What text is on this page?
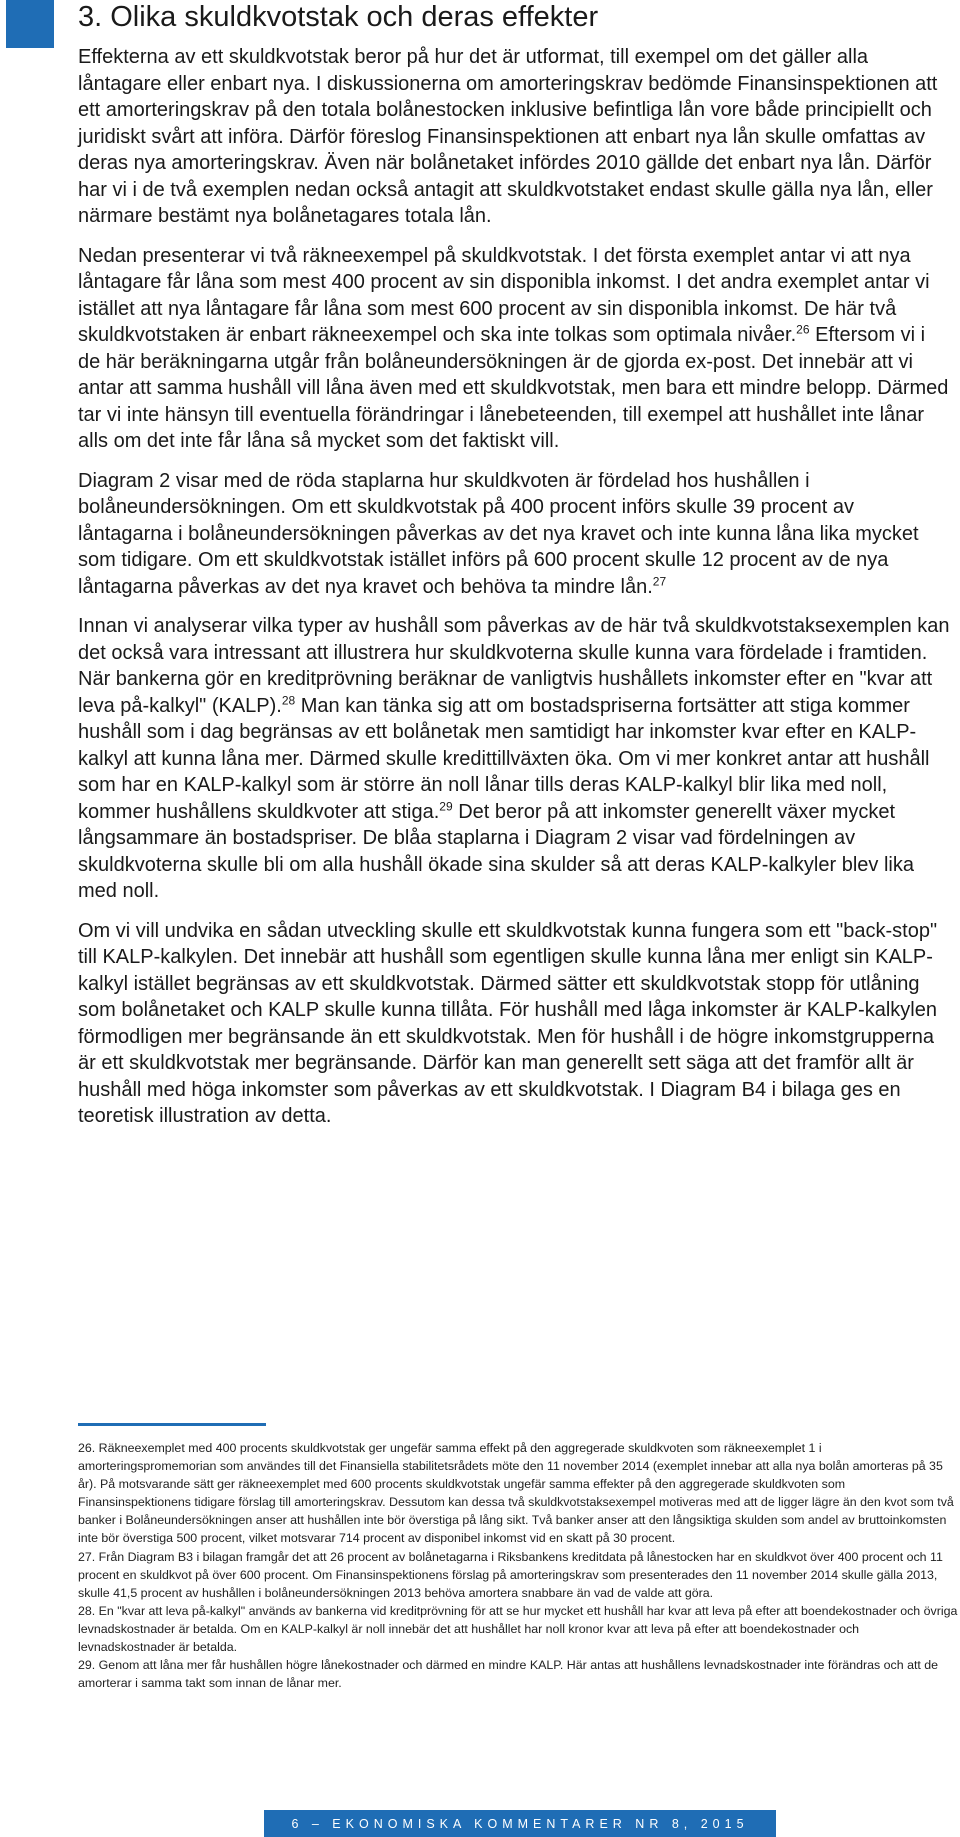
3. Olika skuldkvotstak och deras effekter

Effekterna av ett skuldkvotstak beror på hur det är utformat, till exempel om det gäller alla låntagare eller enbart nya. I diskussionerna om amorteringskrav bedömde Finansinspektionen att ett amorteringskrav på den totala bolånestocken inklusive befintliga lån vore både principiellt och juridiskt svårt att införa. Därför föreslog Finansinspektionen att enbart nya lån skulle omfattas av deras nya amorteringskrav. Även när bolånetaket infördes 2010 gällde det enbart nya lån. Därför har vi i de två exemplen nedan också antagit att skuldkvotstaket endast skulle gälla nya lån, eller närmare bestämt nya bolånetagares totala lån.

Nedan presenterar vi två räkneexempel på skuldkvotstak. I det första exemplet antar vi att nya låntagare får låna som mest 400 procent av sin disponibla inkomst. I det andra exemplet antar vi istället att nya låntagare får låna som mest 600 procent av sin disponibla inkomst. De här två skuldkvotstaken är enbart räkneexempel och ska inte tolkas som optimala nivåer.$^{26}$ Eftersom vi i de här beräkningarna utgår från bolåneundersökningen är de gjorda ex-post. Det innebär att vi antar att samma hushåll vill låna även med ett skuldkvotstak, men bara ett mindre belopp. Därmed tar vi inte hänsyn till eventuella förändringar i lånebeteenden, till exempel att hushållet inte lånar alls om det inte får låna så mycket som det faktiskt vill.

Diagram 2 visar med de röda staplarna hur skuldkvoten är fördelad hos hushållen i bolåneundersökningen. Om ett skuldkvotstak på 400 procent införs skulle 39 procent av låntagarna i bolåneundersökningen påverkas av det nya kravet och inte kunna låna lika mycket som tidigare. Om ett skuldkvotstak istället införs på 600 procent skulle 12 procent av de nya låntagarna påverkas av det nya kravet och behöva ta mindre lån.$^{27}$

Innan vi analyserar vilka typer av hushåll som påverkas av de här två skuldkvotstaksexemplen kan det också vara intressant att illustrera hur skuldkvoterna skulle kunna vara fördelade i framtiden. När bankerna gör en kreditprövning beräknar de vanligtvis hushållets inkomster efter en "kvar att leva på-kalkyl" (KALP).$^{28}$ Man kan tänka sig att om bostadspriserna fortsätter att stiga kommer hushåll som i dag begränsas av ett bolånetak men samtidigt har inkomster kvar efter en KALP-kalkyl att kunna låna mer. Därmed skulle kredittillväxten öka. Om vi mer konkret antar att hushåll som har en KALP-kalkyl som är större än noll lånar tills deras KALP-kalkyl blir lika med noll, kommer hushållens skuldkvoter att stiga.$^{29}$ Det beror på att inkomster generellt växer mycket långsammare än bostadspriser. De blåa staplarna i Diagram 2 visar vad fördelningen av skuldkvoterna skulle bli om alla hushåll ökade sina skulder så att deras KALP-kalkyler blev lika med noll.

Om vi vill undvika en sådan utveckling skulle ett skuldkvotstak kunna fungera som ett "back-stop" till KALP-kalkylen. Det innebär att hushåll som egentligen skulle kunna låna mer enligt sin KALP-kalkyl istället begränsas av ett skuldkvotstak. Därmed sätter ett skuldkvotstak stopp för utlåning som bolånetaket och KALP skulle kunna tillåta. För hushåll med låga inkomster är KALP-kalkylen förmodligen mer begränsande än ett skuldkvotstak. Men för hushåll i de högre inkomstgrupperna är ett skuldkvotstak mer begränsande. Därför kan man generellt sett säga att det framför allt är hushåll med höga inkomster som påverkas av ett skuldkvotstak. I Diagram B4 i bilaga ges en teoretisk illustration av detta.

26. Räkneexemplet med 400 procents skuldkvotstak ger ungefär samma effekt på den aggregerade skuldkvoten som räkneexemplet 1 i amorteringspromemorian som användes till det Finansiella stabilitetsrådets möte den 11 november 2014 (exemplet innebar att alla nya bolån amorteras på 35 år). På motsvarande sätt ger räkneexemplet med 600 procents skuldkvotstak ungefär samma effekter på den aggregerade skuldkvoten som Finansinspektionens tidigare förslag till amorteringskrav. Dessutom kan dessa två skuldkvotstaksexempel motiveras med att de ligger lägre än den kvot som två banker i Bolåneundersökningen anser att hushållen inte bör överstiga på lång sikt. Två banker anser att den långsiktiga skulden som andel av bruttoinkomsten inte bör överstiga 500 procent, vilket motsvarar 714 procent av disponibel inkomst vid en skatt på 30 procent.

27. Från Diagram B3 i bilagan framgår det att 26 procent av bolånetagarna i Riksbankens kreditdata på lånestocken har en skuldkvot över 400 procent och 11 procent en skuldkvot på över 600 procent. Om Finansinspektionens förslag på amorteringskrav som presenterades den 11 november 2014 skulle gälla 2013, skulle 41,5 procent av hushållen i bolåneundersökningen 2013 behöva amortera snabbare än vad de valde att göra.

28. En "kvar att leva på-kalkyl" används av bankerna vid kreditprövning för att se hur mycket ett hushåll har kvar att leva på efter att boendekostnader och övriga levnadskostnader är betalda. Om en KALP-kalkyl är noll innebär det att hushållet har noll kronor kvar att leva på efter att boendekostnader och levnadskostnader är betalda.

29. Genom att låna mer får hushållen högre lånekostnader och därmed en mindre KALP. Här antas att hushållens levnadskostnader inte förändras och att de amorterar i samma takt som innan de lånar mer.

6 – EKONOMISKA KOMMENTARER NR 8, 2015
